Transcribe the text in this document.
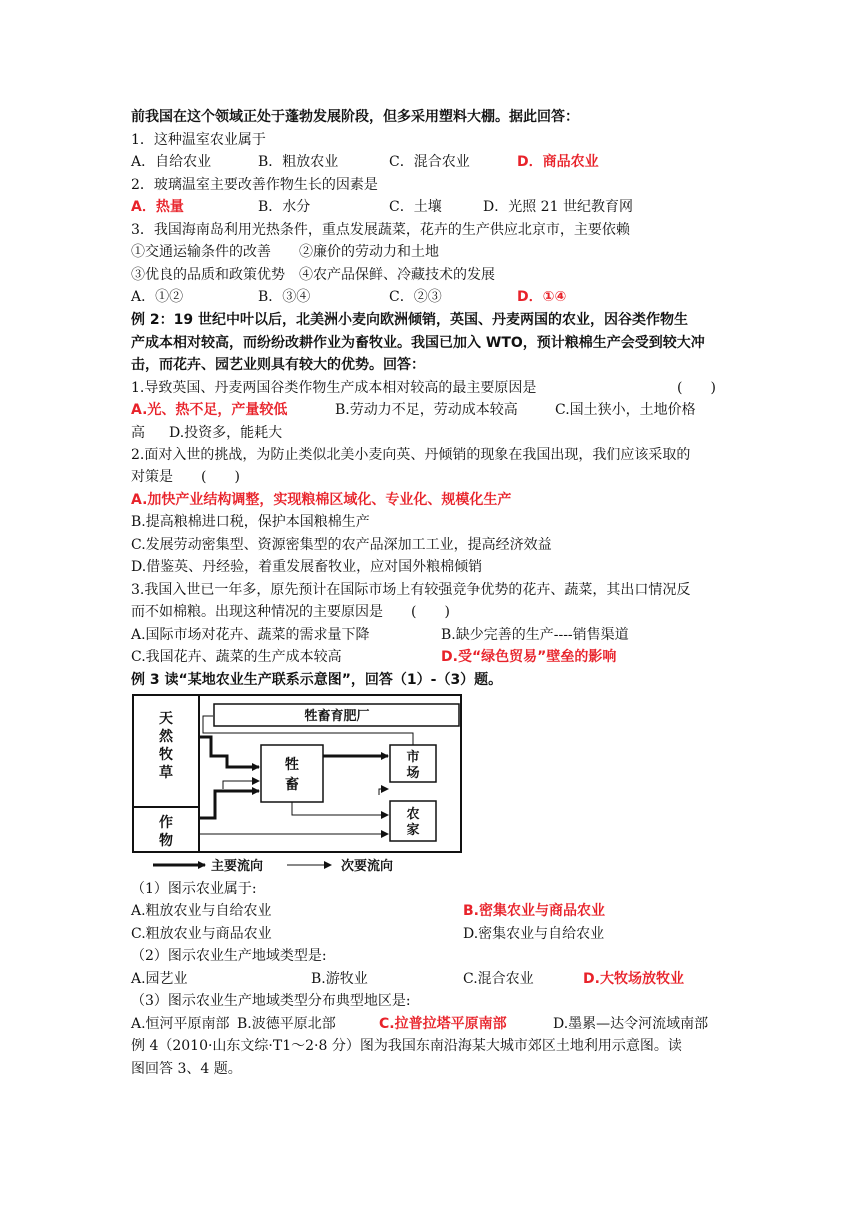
前我国在这个领域正处于蓬勃发展阶段，但多采用塑料大棚。据此回答：
1．这种温室农业属于
A．自给农业	B．粗放农业	C．混合农业	D．商品农业
2．玻璃温室主要改善作物生长的因素是
A．热量	B．水分	C．土壤	D．光照 21 世纪教育网
3．我国海南岛利用光热条件，重点发展蔬菜，花卉的生产供应北京市，主要依赖
①交通运输条件的改善　　②廉价的劳动力和土地
③优良的品质和政策优势　④农产品保鲜、冷藏技术的发展
A．①②	B．③④	C．②③	D．①④
例 2：19 世纪中叶以后，北美洲小麦向欧洲倾销，英国、丹麦两国的农业，因谷类作物生
产成本相对较高，而纷纷改耕作业为畜牧业。我国已加入 WTO，预计粮棉生产会受到较大冲
击，而花卉、园艺业则具有较大的优势。回答：
1.导致英国、丹麦两国谷类作物生产成本相对较高的最主要原因是	(　　)
A.光、热不足，产量较低	B.劳动力不足，劳动成本较高	C.国土狭小，土地价格
高 D.投资多，能耗大
2.面对入世的挑战，为防止类似北美小麦向英、丹倾销的现象在我国出现，我们应该采取的
对策是　　(　　)
A.加快产业结构调整，实现粮棉区域化、专业化、规模化生产
B.提高粮棉进口税，保护本国粮棉生产
C.发展劳动密集型、资源密集型的农产品深加工工业，提高经济效益
D.借鉴英、丹经验，着重发展畜牧业，应对国外粮棉倾销
3.我国入世已一年多，原先预计在国际市场上有较强竞争优势的花卉、蔬菜，其出口情况反
而不如棉粮。出现这种情况的主要原因是　　(　　)
A.国际市场对花卉、蔬菜的需求量下降	B.缺少完善的生产----销售渠道
C.我国花卉、蔬菜的生产成本较高	D.受“绿色贸易”壁垒的影响
例 3 读“某地农业生产联系示意图”，回答（1）-（3）题。
牲畜育肥厂
天
然
牧
草
作
物
牲
畜
市
场
农
家
主要流向	次要流向
（1）图示农业属于:
A.粗放农业与自给农业	B.密集农业与商品农业
C.粗放农业与商品农业	D.密集农业与自给农业
（2）图示农业生产地域类型是:
A.园艺业	B.游牧业	C.混合农业	D.大牧场放牧业
（3）图示农业生产地域类型分布典型地区是:
A.恒河平原南部 B.波德平原北部	C.拉普拉塔平原南部	D.墨累—达令河流域南部
例 4（2010·山东文综·T1～2·8 分）图为我国东南沿海某大城市郊区土地利用示意图。读
图回答 3、4 题。
